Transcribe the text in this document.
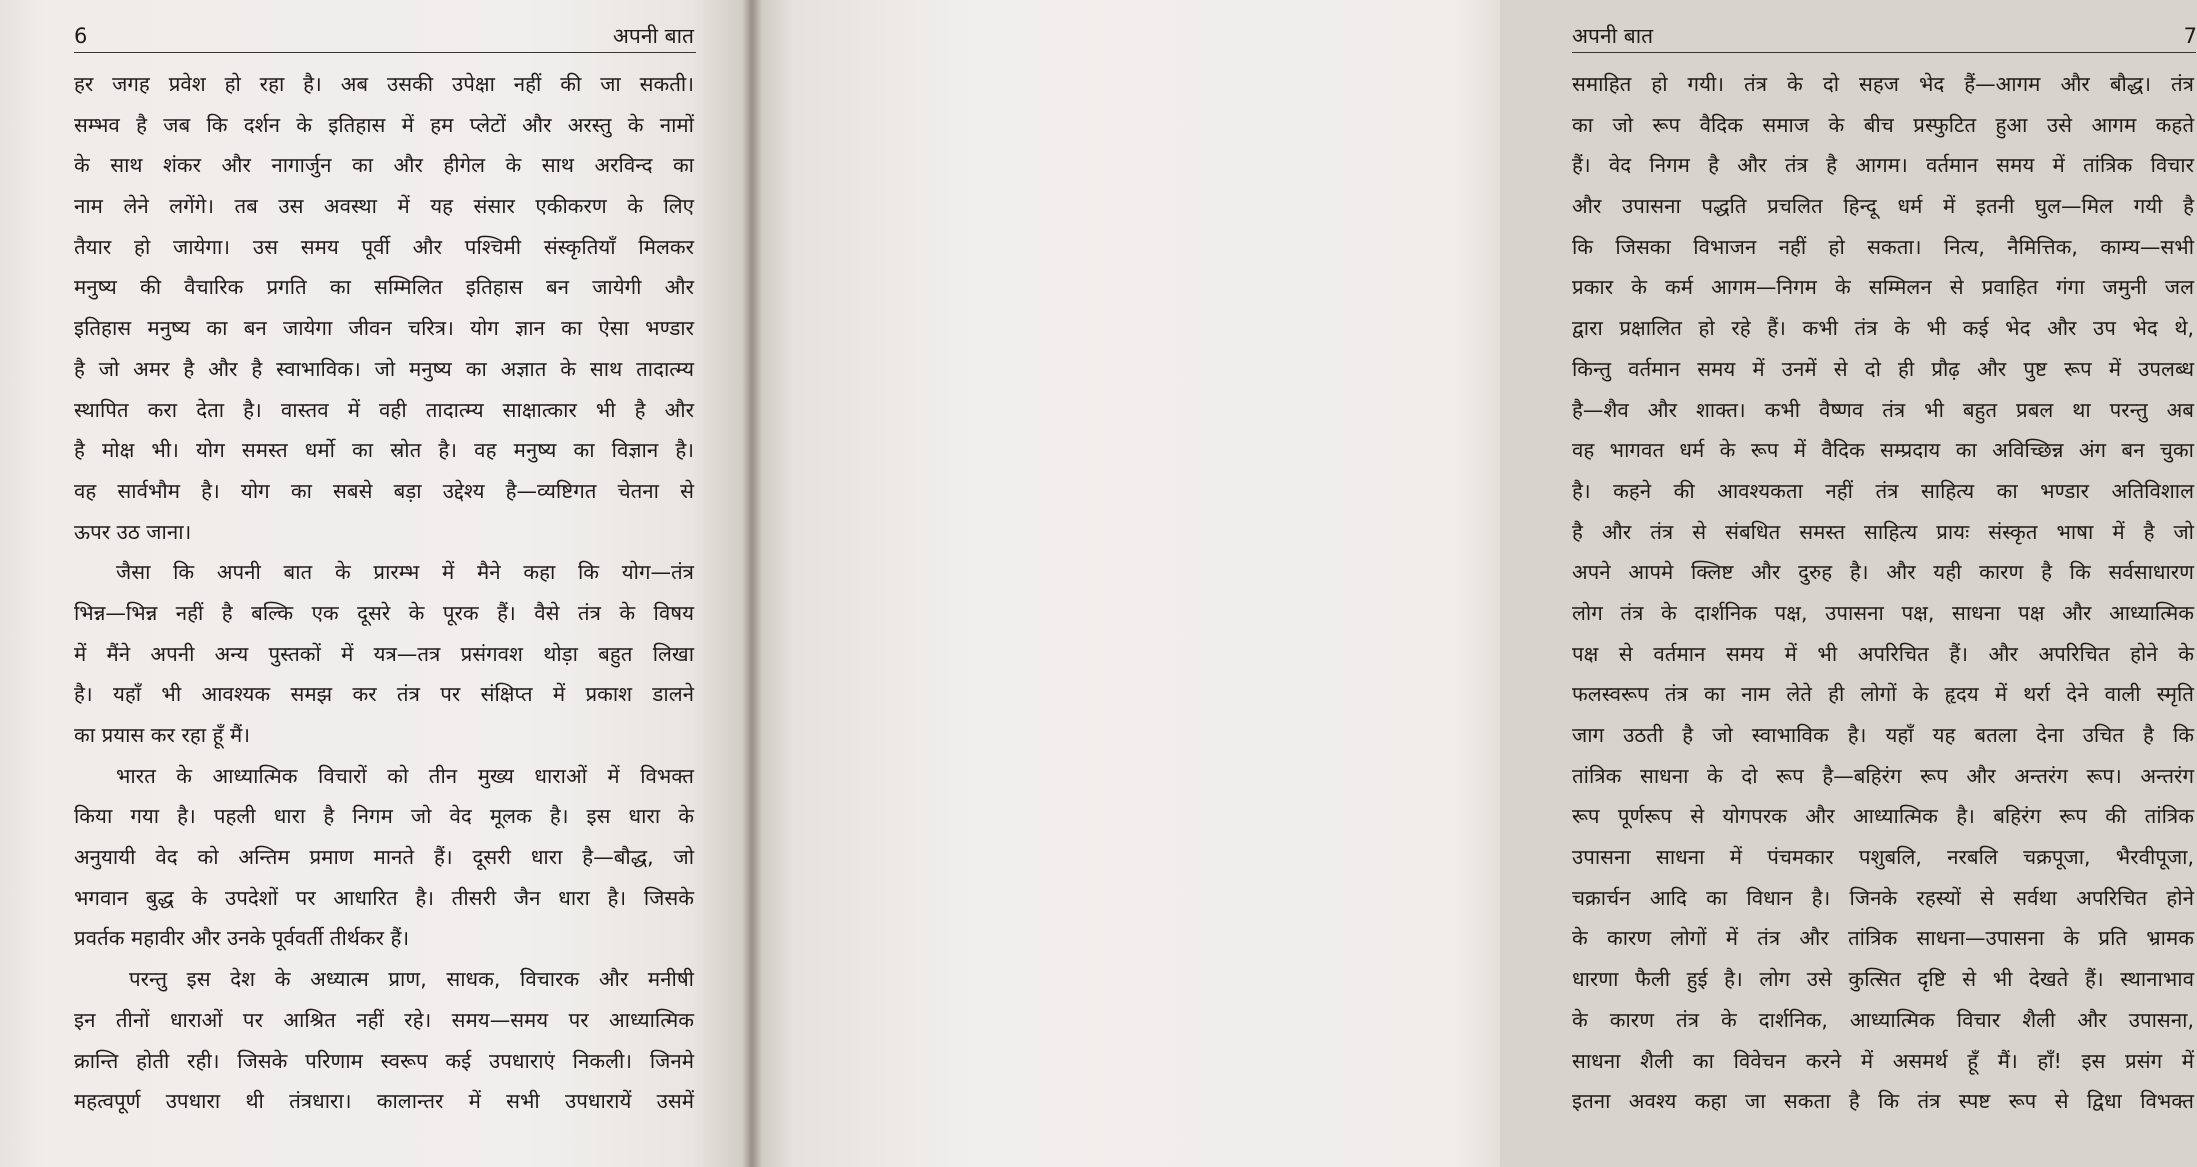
6	अपनी बात
हर जगह प्रवेश हो रहा है। अब उसकी उपेक्षा नहीं की जा सकती।
सम्भव है जब कि दर्शन के इतिहास में हम प्लेटों और अरस्तु के नामों
के साथ शंकर और नागार्जुन का और हीगेल के साथ अरविन्द का
नाम लेने लगेंगे। तब उस अवस्था में यह संसार एकीकरण के लिए
तैयार हो जायेगा। उस समय पूर्वी और पश्चिमी संस्कृतियाँ मिलकर
मनुष्य की वैचारिक प्रगति का सम्मिलित इतिहास बन जायेगी और
इतिहास मनुष्य का बन जायेगा जीवन चरित्र। योग ज्ञान का ऐसा भण्डार
है जो अमर है और है स्वाभाविक। जो मनुष्य का अज्ञात के साथ तादात्म्य
स्थापित करा देता है। वास्तव में वही तादात्म्य साक्षात्कार भी है और
है मोक्ष भी। योग समस्त धर्मो का स्रोत है। वह मनुष्य का विज्ञान है।
वह सार्वभौम है। योग का सबसे बड़ा उद्देश्य है—व्यष्टिगत चेतना से
ऊपर उठ जाना।
जैसा कि अपनी बात के प्रारम्भ में मैने कहा कि योग—तंत्र
भिन्न—भिन्न नहीं है बल्कि एक दूसरे के पूरक हैं। वैसे तंत्र के विषय
में मैंने अपनी अन्य पुस्तकों में यत्र—तत्र प्रसंगवश थोड़ा बहुत लिखा
है। यहाँ भी आवश्यक समझ कर तंत्र पर संक्षिप्त में प्रकाश डालने
का प्रयास कर रहा हूँ मैं।
भारत के आध्यात्मिक विचारों को तीन मुख्य धाराओं में विभक्त
किया गया है। पहली धारा है निगम जो वेद मूलक है। इस धारा के
अनुयायी वेद को अन्तिम प्रमाण मानते हैं। दूसरी धारा है—बौद्ध, जो
भगवान बुद्ध के उपदेशों पर आधारित है। तीसरी जैन धारा है। जिसके
प्रवर्तक महावीर और उनके पूर्ववर्ती तीर्थकर हैं।
परन्तु इस देश के अध्यात्म प्राण, साधक, विचारक और मनीषी
इन तीनों धाराओं पर आश्रित नहीं रहे। समय—समय पर आध्यात्मिक
क्रान्ति होती रही। जिसके परिणाम स्वरूप कई उपधाराएं निकली। जिनमे
महत्वपूर्ण उपधारा थी तंत्रधारा। कालान्तर में सभी उपधारायें उसमें
7
अपनी बात
समाहित हो गयी। तंत्र के दो सहज भेद हैं—आगम और बौद्ध। तंत्र
का जो रूप वैदिक समाज के बीच प्रस्फुटित हुआ उसे आगम कहते
हैं। वेद निगम है और तंत्र है आगम। वर्तमान समय में तांत्रिक विचार
और उपासना पद्धति प्रचलित हिन्दू धर्म में इतनी घुल—मिल गयी है
कि जिसका विभाजन नहीं हो सकता। नित्य, नैमित्तिक, काम्य—सभी
प्रकार के कर्म आगम—निगम के सम्मिलन से प्रवाहित गंगा जमुनी जल
द्वारा प्रक्षालित हो रहे हैं। कभी तंत्र के भी कई भेद और उप भेद थे,
किन्तु वर्तमान समय में उनमें से दो ही प्रौढ़ और पुष्ट रूप में उपलब्ध
है—शैव और शाक्त। कभी वैष्णव तंत्र भी बहुत प्रबल था परन्तु अब
वह भागवत धर्म के रूप में वैदिक सम्प्रदाय का अविच्छिन्न अंग बन चुका
है। कहने की आवश्यकता नहीं तंत्र साहित्य का भण्डार अतिविशाल
है और तंत्र से संबधित समस्त साहित्य प्रायः संस्कृत भाषा में है जो
अपने आपमे क्लिष्ट और दुरुह है। और यही कारण है कि सर्वसाधारण
लोग तंत्र के दार्शनिक पक्ष, उपासना पक्ष, साधना पक्ष और आध्यात्मिक
पक्ष से वर्तमान समय में भी अपरिचित हैं। और अपरिचित होने के
फलस्वरूप तंत्र का नाम लेते ही लोगों के हृदय में थर्रा देने वाली स्मृति
जाग उठती है जो स्वाभाविक है। यहाँ यह बतला देना उचित है कि
तांत्रिक साधना के दो रूप है—बहिरंग रूप और अन्तरंग रूप। अन्तरंग
रूप पूर्णरूप से योगपरक और आध्यात्मिक है। बहिरंग रूप की तांत्रिक
उपासना साधना में पंचमकार पशुबलि, नरबलि चक्रपूजा, भैरवीपूजा,
चक्रार्चन आदि का विधान है। जिनके रहस्यों से सर्वथा अपरिचित होने
के कारण लोगों में तंत्र और तांत्रिक साधना—उपासना के प्रति भ्रामक
धारणा फैली हुई है। लोग उसे कुत्सित दृष्टि से भी देखते हैं। स्थानाभाव
के कारण तंत्र के दार्शनिक, आध्यात्मिक विचार शैली और उपासना,
साधना शैली का विवेचन करने में असमर्थ हूँ मैं। हाँ! इस प्रसंग में
इतना अवश्य कहा जा सकता है कि तंत्र स्पष्ट रूप से द्विधा विभक्त
